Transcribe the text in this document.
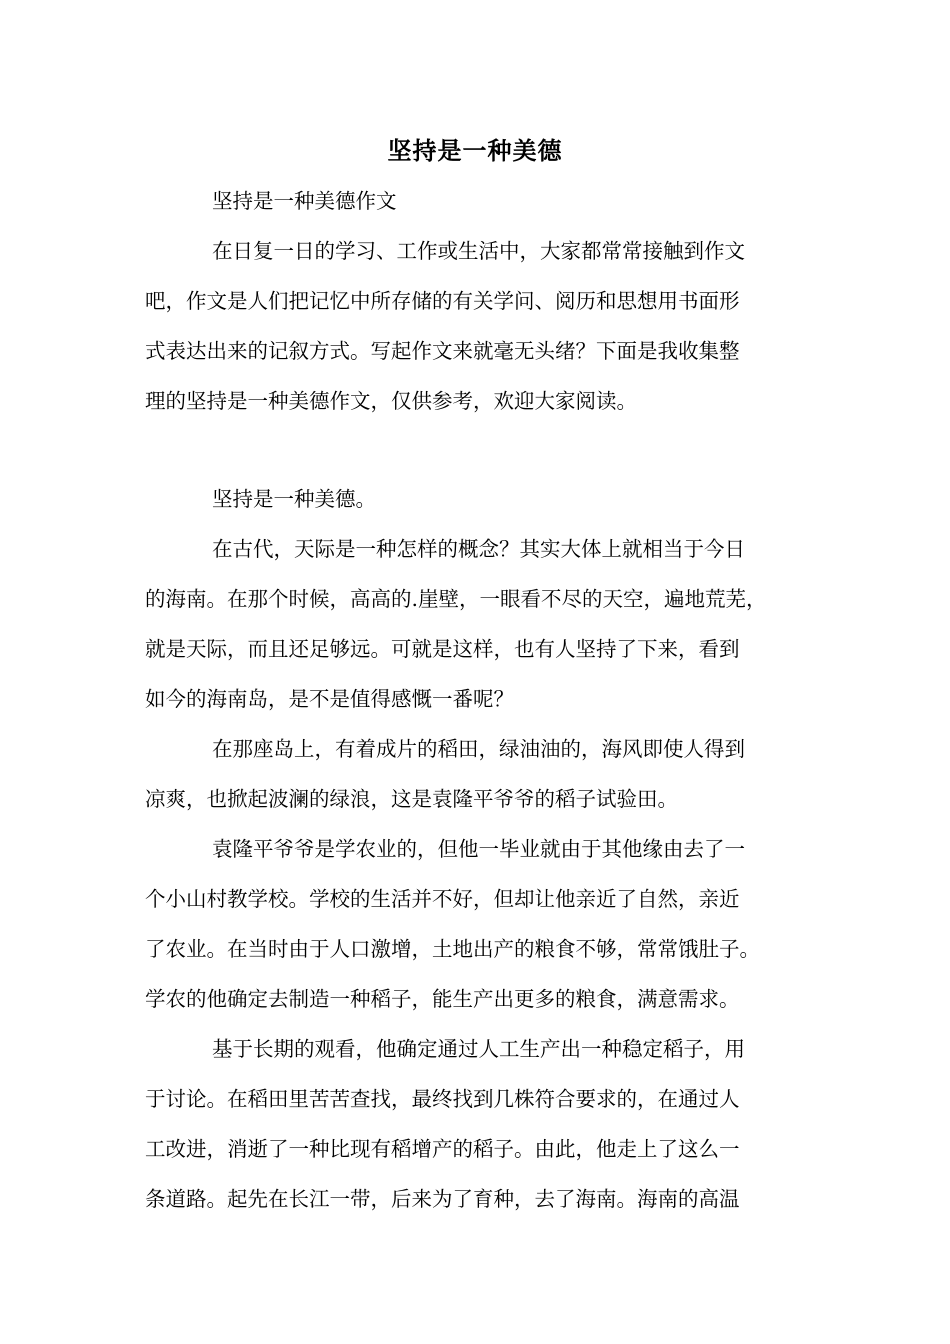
坚持是一种美德
坚持是一种美德作文
在日复一日的学习、工作或生活中，大家都常常接触到作文
吧，作文是人们把记忆中所存储的有关学问、阅历和思想用书面形
式表达出来的记叙方式。写起作文来就毫无头绪？下面是我收集整
理的坚持是一种美德作文，仅供参考，欢迎大家阅读。
坚持是一种美德。
在古代，天际是一种怎样的概念？其实大体上就相当于今日
的海南。在那个时候，高高的.崖壁，一眼看不尽的天空，遍地荒芜，
就是天际，而且还足够远。可就是这样，也有人坚持了下来，看到
如今的海南岛，是不是值得感慨一番呢？
在那座岛上，有着成片的稻田，绿油油的，海风即使人得到
凉爽，也掀起波澜的绿浪，这是袁隆平爷爷的稻子试验田。
袁隆平爷爷是学农业的，但他一毕业就由于其他缘由去了一
个小山村教学校。学校的生活并不好，但却让他亲近了自然，亲近
了农业。在当时由于人口激增，土地出产的粮食不够，常常饿肚子。
学农的他确定去制造一种稻子，能生产出更多的粮食，满意需求。
基于长期的观看，他确定通过人工生产出一种稳定稻子，用
于讨论。在稻田里苦苦查找，最终找到几株符合要求的，在通过人
工改进，消逝了一种比现有稻增产的稻子。由此，他走上了这么一
条道路。起先在长江一带，后来为了育种，去了海南。海南的高温
